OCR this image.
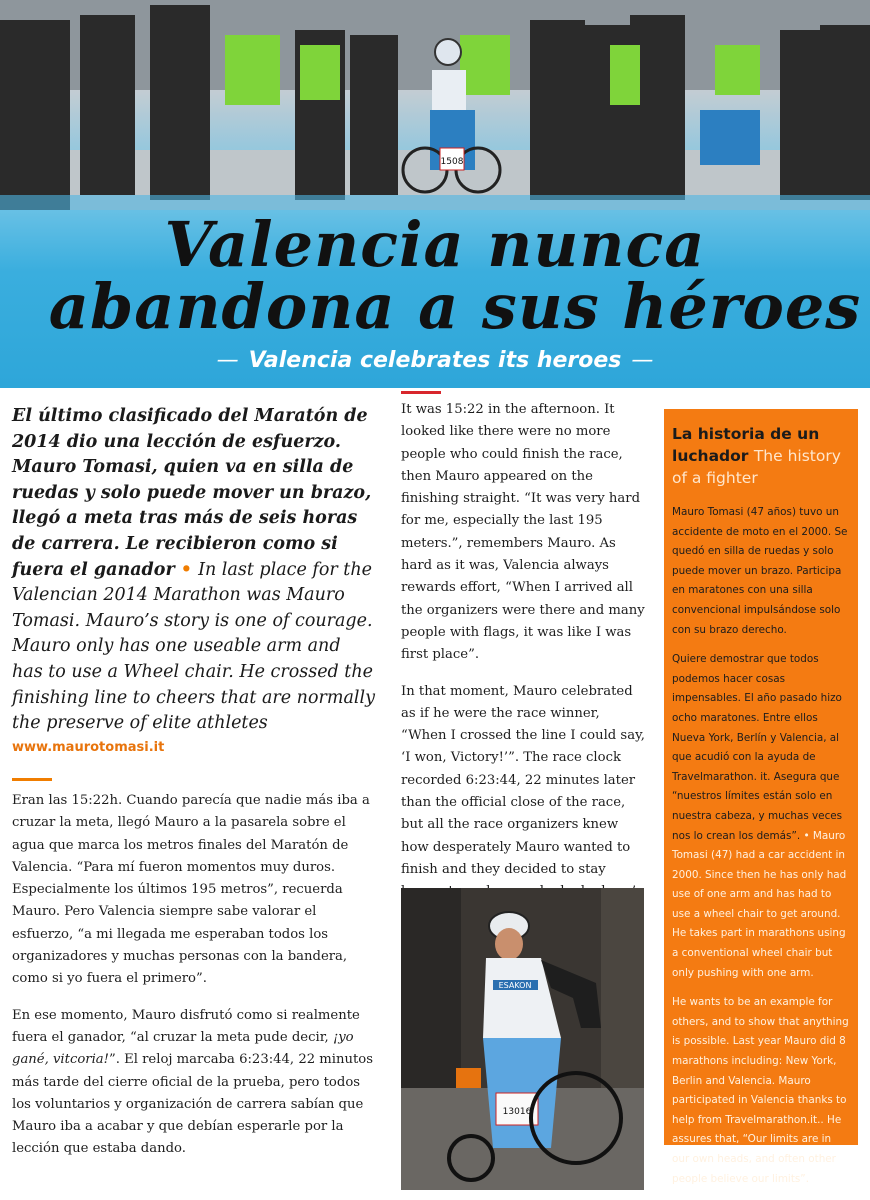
1508
Valencia nunca

abandona a sus héroes
— Valencia celebrates its heroes —

El último clasificado del Maratón de 2014 dio una lección de esfuerzo. Mauro Tomasi, quien va en silla de ruedas y solo puede mover un brazo, llegó a meta tras más de seis horas de carrera. Le recibieron como si fuera el ganador • In last place for the Valencian 2014 Marathon was Mauro Tomasi. Mauro’s story is one of courage. Mauro only has one useable arm and has to use a Wheel chair. He crossed the finishing line to cheers that are normally the preserve of elite athletes

www.maurotomasi.it

Eran las 15:22h. Cuando parecía que nadie más iba a cruzar la meta, llegó Mauro a la pasarela sobre el agua que marca los metros finales del Maratón de Valencia. “Para mí fueron momentos muy duros. Especialmente los últimos 195 metros”, recuerda Mauro. Pero Valencia siempre sabe valorar el esfuerzo, “a mi llegada me esperaban todos los organizadores y muchas personas con la bandera, como si yo fuera el primero”.

En ese momento, Mauro disfrutó como si realmente fuera el ganador, “al cruzar la meta pude decir, ¡yo gané, vitcoria!”. El reloj marcaba 6:23:44, 22 minutos más tarde del cierre oficial de la prueba, pero todos los voluntarios y organización de carrera sabían que Mauro iba a acabar y que debían esperarle por la lección que estaba dando.

It was 15:22 in the afternoon. It looked like there were no more people who could finish the race, then Mauro appeared on the finishing straight. “It was very hard for me, especially the last 195 meters.”, remembers Mauro. As hard as it was, Valencia always rewards effort, “When I arrived all the organizers were there and many people with flags, it was like I was first place”.

In that moment, Mauro celebrated as if he were the race winner, “When I crossed the line I could say, ‘I won, Victory!’”. The race clock recorded 6:23:44, 22 minutes later than the official close of the race, but all the race organizers knew how desperately Mauro wanted to finish and they decided to stay

ESAKON
13016
La historia de un luchador The history of a fighter

Mauro Tomasi (47 años) tuvo un accidente de moto en el 2000. Se quedó en silla de ruedas y solo puede mover un brazo. Participa en maratones con una silla convencional impulsándose solo con su brazo derecho.

Quiere demostrar que todos podemos hacer cosas impensables. El año pasado hizo ocho maratones. Entre ellos Nueva York, Berlín y Valencia, al que acudió con la ayuda de Travelmarathon. it. Asegura que “nuestros límites están solo en nuestra cabeza, y muchas veces nos lo crean los demás”. • Mauro Tomasi (47) had a car accident in 2000. Since then he has only had use of one arm and has had to use a wheel chair to get around. He takes part in marathons using a conventional wheel chair but only pushing with one arm.

He wants to be an example for others, and to show that anything is possible. Last year Mauro did 8 marathons including: New York, Berlin and Valencia. Mauro participated in Valencia thanks to help from Travelmarathon.it.. He assures that, “Our limits are in our own heads, and often other people believe our limits”.
